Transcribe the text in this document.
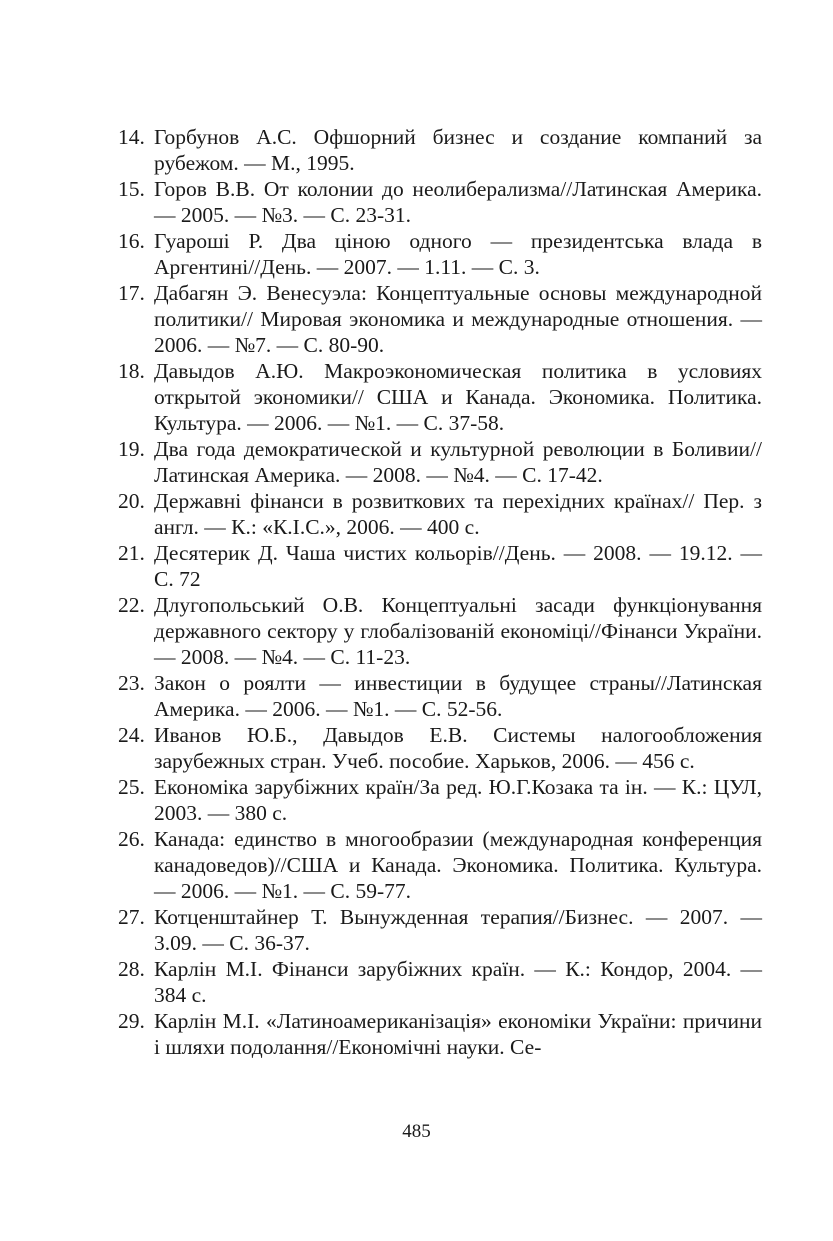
14. Горбунов А.С. Офшорний бизнес и создание компаний за рубежом. — М., 1995.
15. Горов В.В. От колонии до неолиберализма//Латинская Америка. — 2005. — №3. — С. 23-31.
16. Гуароші Р. Два ціною одного — президентська влада в Аргентині//День. — 2007. — 1.11. — С. 3.
17. Дабагян Э. Венесуэла: Концептуальные основы международной политики// Мировая экономика и международные отношения. — 2006. — №7. — С. 80-90.
18. Давыдов А.Ю. Макроэкономическая политика в условиях открытой экономики// США и Канада. Экономика. Политика. Культура. — 2006. — №1. — С. 37-58.
19. Два года демократической и культурной революции в Боливии//Латинская Америка. — 2008. — №4. — С. 17-42.
20. Державні фінанси в розвиткових та перехідних країнах// Пер. з англ. — К.: «К.І.С.», 2006. — 400 с.
21. Десятерик Д. Чаша чистих кольорів//День. — 2008. — 19.12. — С. 72
22. Длугопольський О.В. Концептуальні засади функціонування державного сектору у глобалізованій економіці//Фінанси України. — 2008. — №4. — С. 11-23.
23. Закон о роялти — инвестиции в будущее страны//Латинская Америка. — 2006. — №1. — С. 52-56.
24. Иванов Ю.Б., Давыдов Е.В. Системы налогообложения зарубежных стран. Учеб. пособие. Харьков, 2006. — 456 с.
25. Економіка зарубіжних країн/За ред. Ю.Г.Козака та ін. — К.: ЦУЛ, 2003. — 380 с.
26. Канада: единство в многообразии (международная конференция канадоведов)//США и Канада. Экономика. Политика. Культура. — 2006. — №1. — С. 59-77.
27. Котценштайнер Т. Вынужденная терапия//Бизнес. — 2007. — 3.09. — С. 36-37.
28. Карлін М.І. Фінанси зарубіжних країн. — К.: Кондор, 2004. — 384 с.
29. Карлін М.І. «Латиноамериканізація» економіки України: причини і шляхи подолання//Економічні науки. Се-
485
